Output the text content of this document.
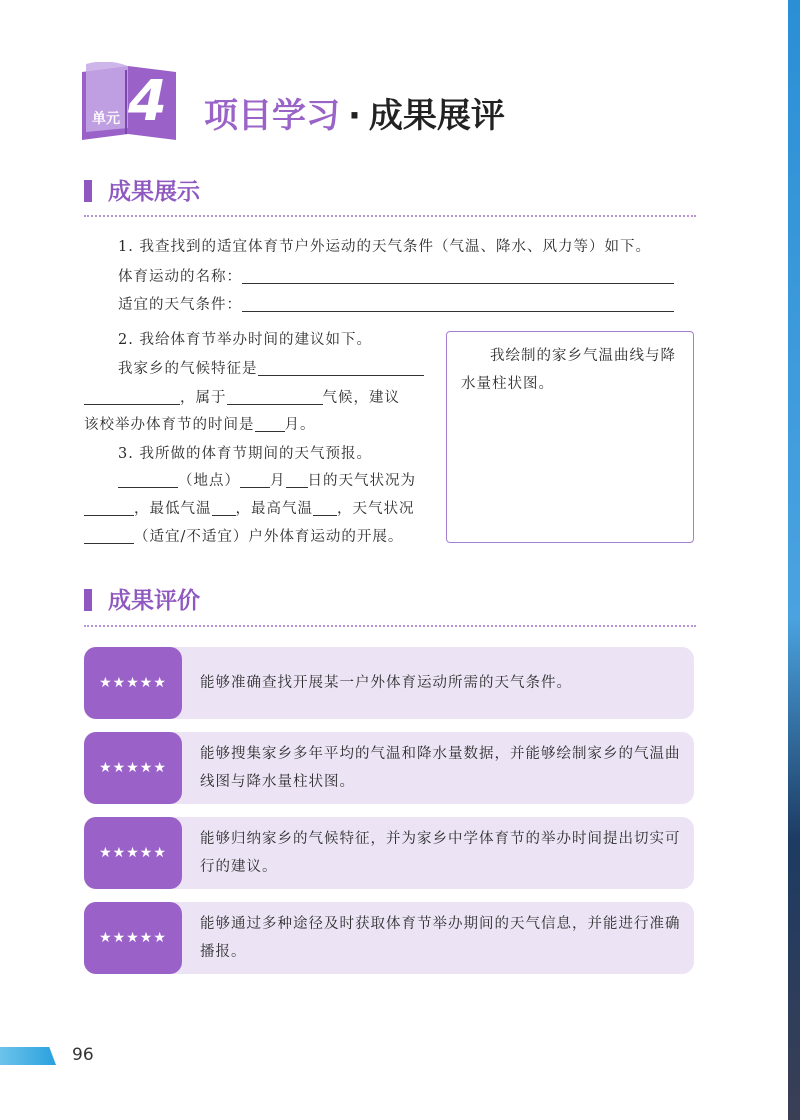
单元 4 项目学习 · 成果展评
成果展示
1. 我查找到的适宜体育节户外运动的天气条件（气温、降水、风力等）如下。
体育运动的名称：
适宜的天气条件：
2. 我给体育节举办时间的建议如下。
我家乡的气候特征是
，属于	气候，建议
该校举办体育节的时间是 月。
3. 我所做的体育节期间的天气预报。
（地点） 月 日的天气状况为
，最低气温 ，最高气温 ，天气状况
（适宜/不适宜）户外体育运动的开展。
我绘制的家乡气温曲线与降水量柱状图。
成果评价
★★★★★	能够准确查找开展某一户外体育运动所需的天气条件。
★★★★★
能够搜集家乡多年平均的气温和降水量数据，并能够绘制家乡的气温曲线图与降水量柱状图。
★★★★★
能够归纳家乡的气候特征，并为家乡中学体育节的举办时间提出切实可行的建议。
★★★★★
能够通过多种途径及时获取体育节举办期间的天气信息，并能进行准确播报。
96
